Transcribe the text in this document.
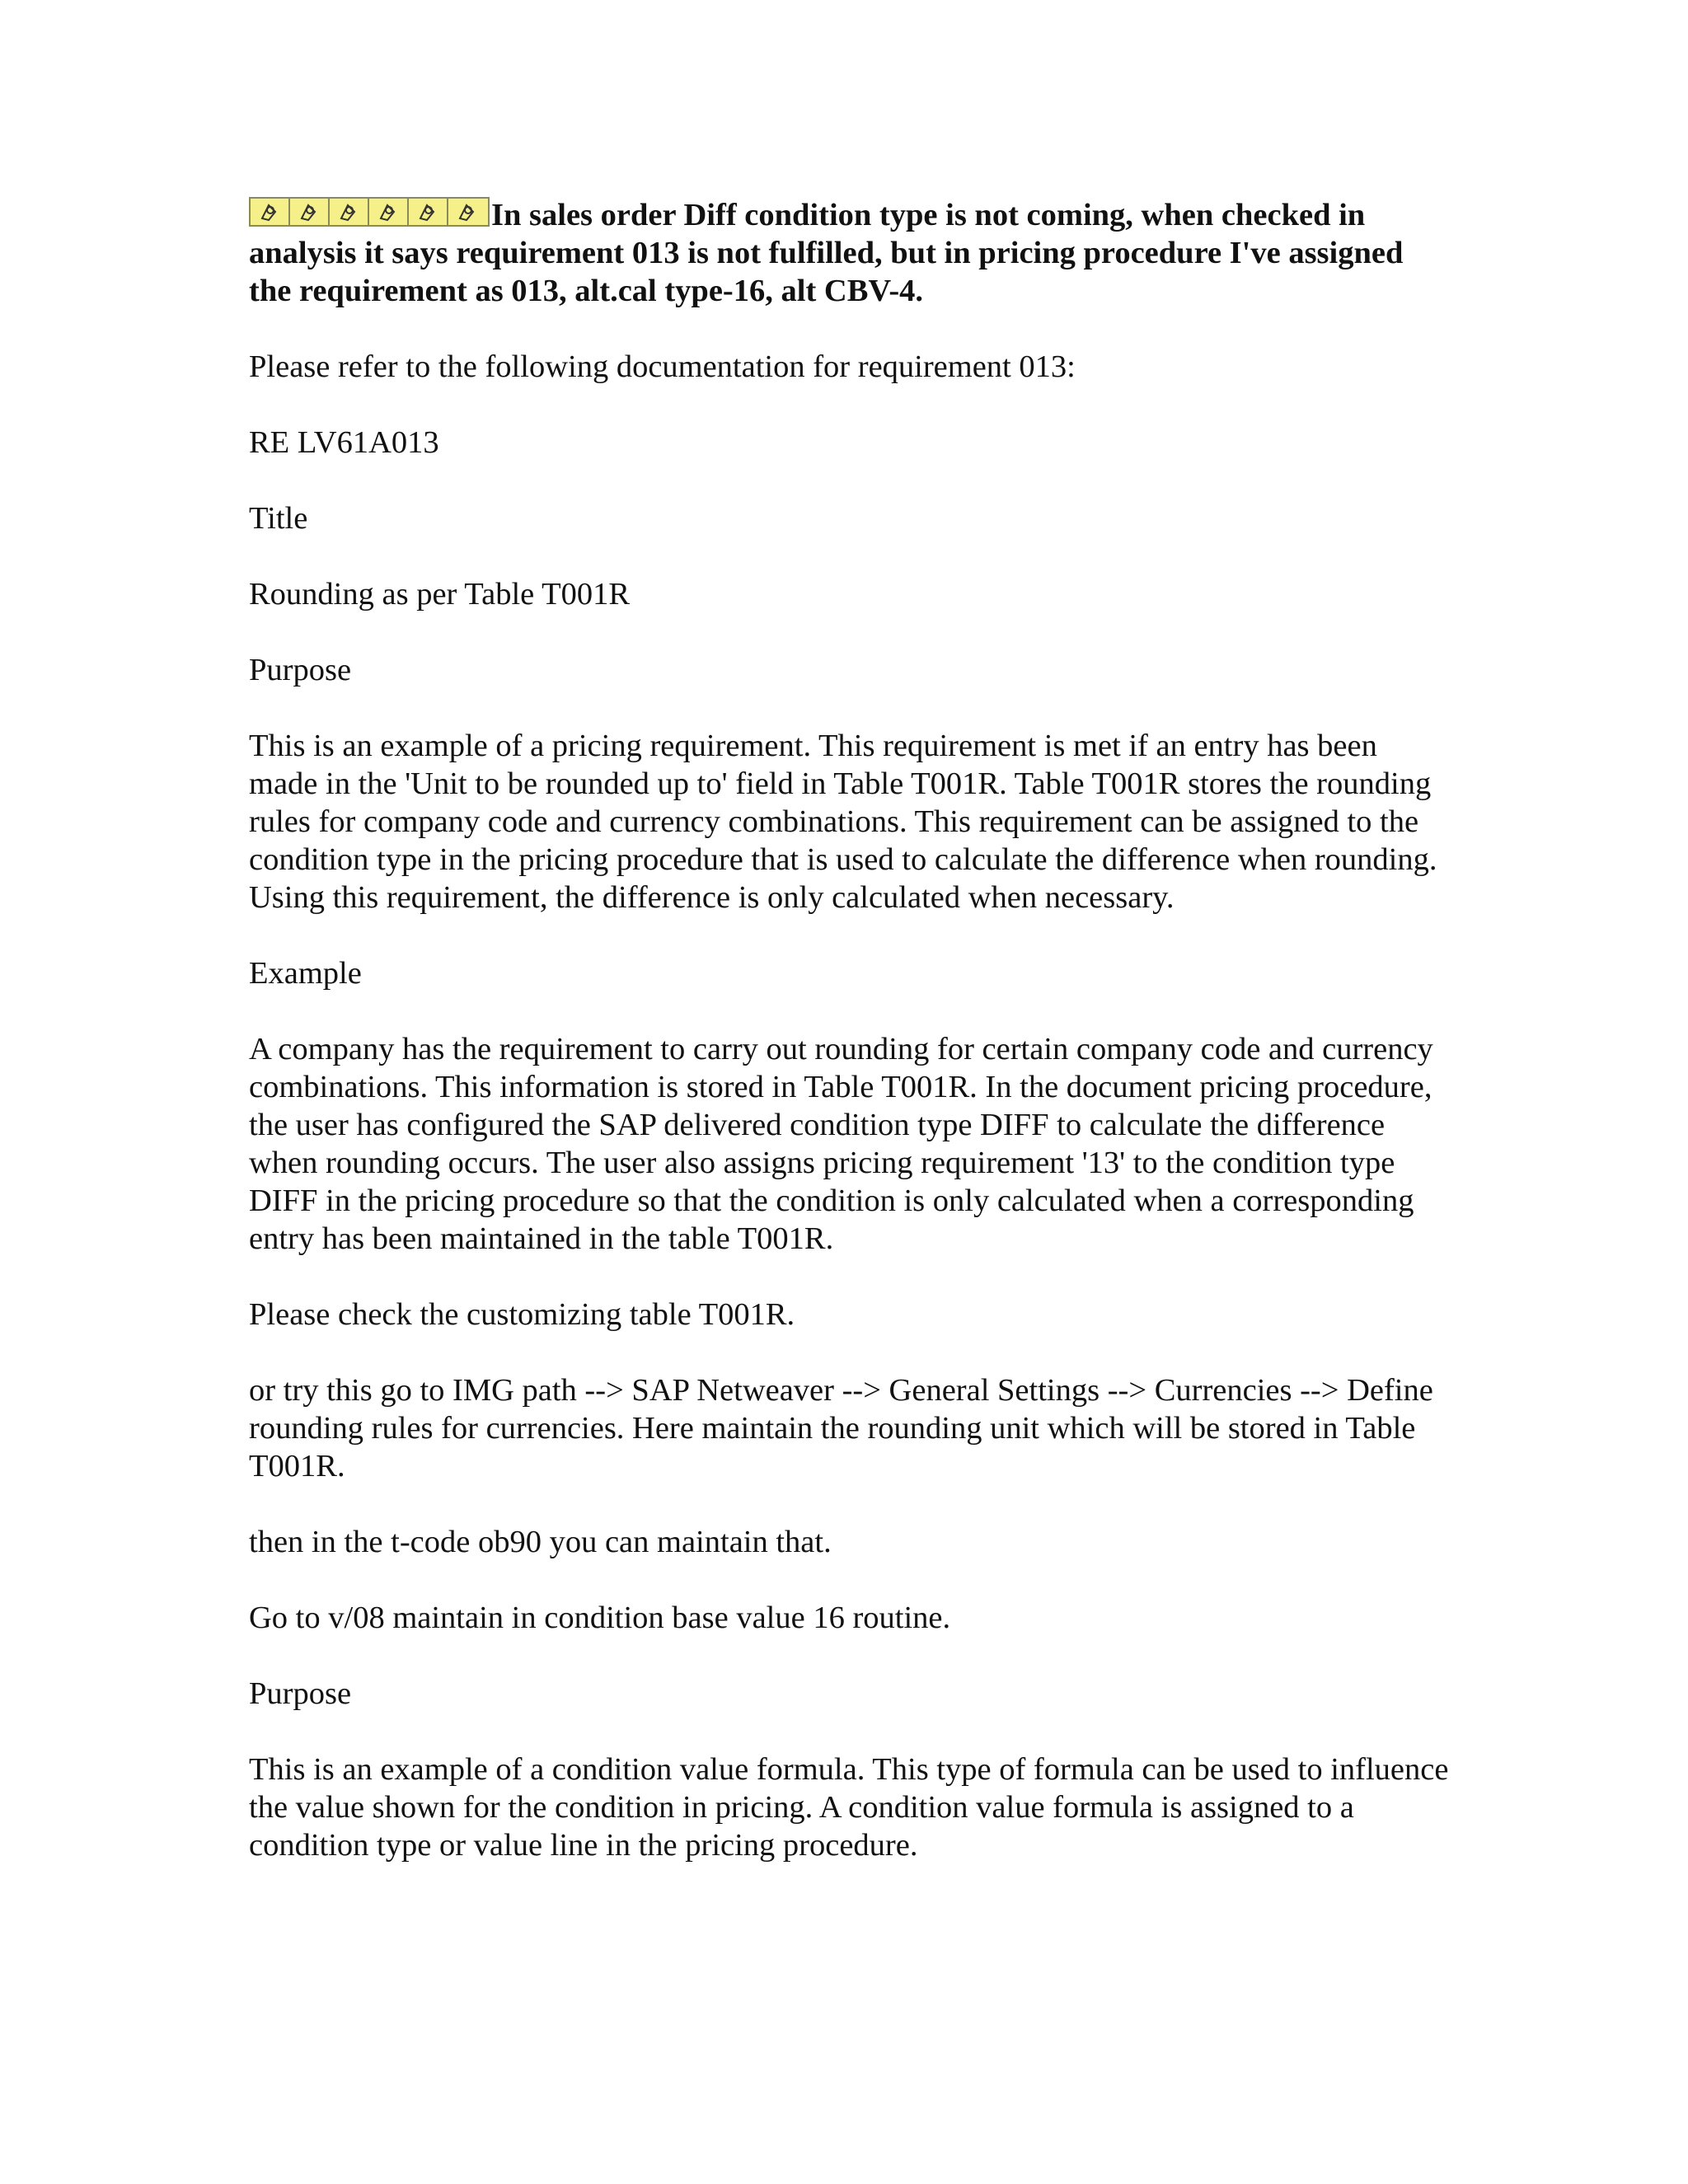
In sales order Diff condition type is not coming, when checked in analysis it says requirement 013 is not fulfilled, but in pricing procedure I've assigned the requirement as 013, alt.cal type-16, alt CBV-4.

Please refer to the following documentation for requirement 013:

RE LV61A013

Title

Rounding as per Table T001R

Purpose

This is an example of a pricing requirement. This requirement is met if an entry has been made in the 'Unit to be rounded up to' field in Table T001R. Table T001R stores the rounding rules for company code and currency combinations. This requirement can be assigned to the condition type in the pricing procedure that is used to calculate the difference when rounding. Using this requirement, the difference is only calculated when necessary.

Example

A company has the requirement to carry out rounding for certain company code and currency combinations. This information is stored in Table T001R. In the document pricing procedure, the user has configured the SAP delivered condition type DIFF to calculate the difference when rounding occurs. The user also assigns pricing requirement '13' to the condition type DIFF in the pricing procedure so that the condition is only calculated when a corresponding entry has been maintained in the table T001R.

Please check the customizing table T001R.

or try this go to IMG path --> SAP Netweaver --> General Settings --> Currencies --> Define rounding rules for currencies. Here maintain the rounding unit which will be stored in Table T001R.

then in the t-code ob90 you can maintain that.

Go to v/08 maintain in condition base value 16 routine.

Purpose

This is an example of a condition value formula. This type of formula can be used to influence the value shown for the condition in pricing. A condition value formula is assigned to a condition type or value line in the pricing procedure.
